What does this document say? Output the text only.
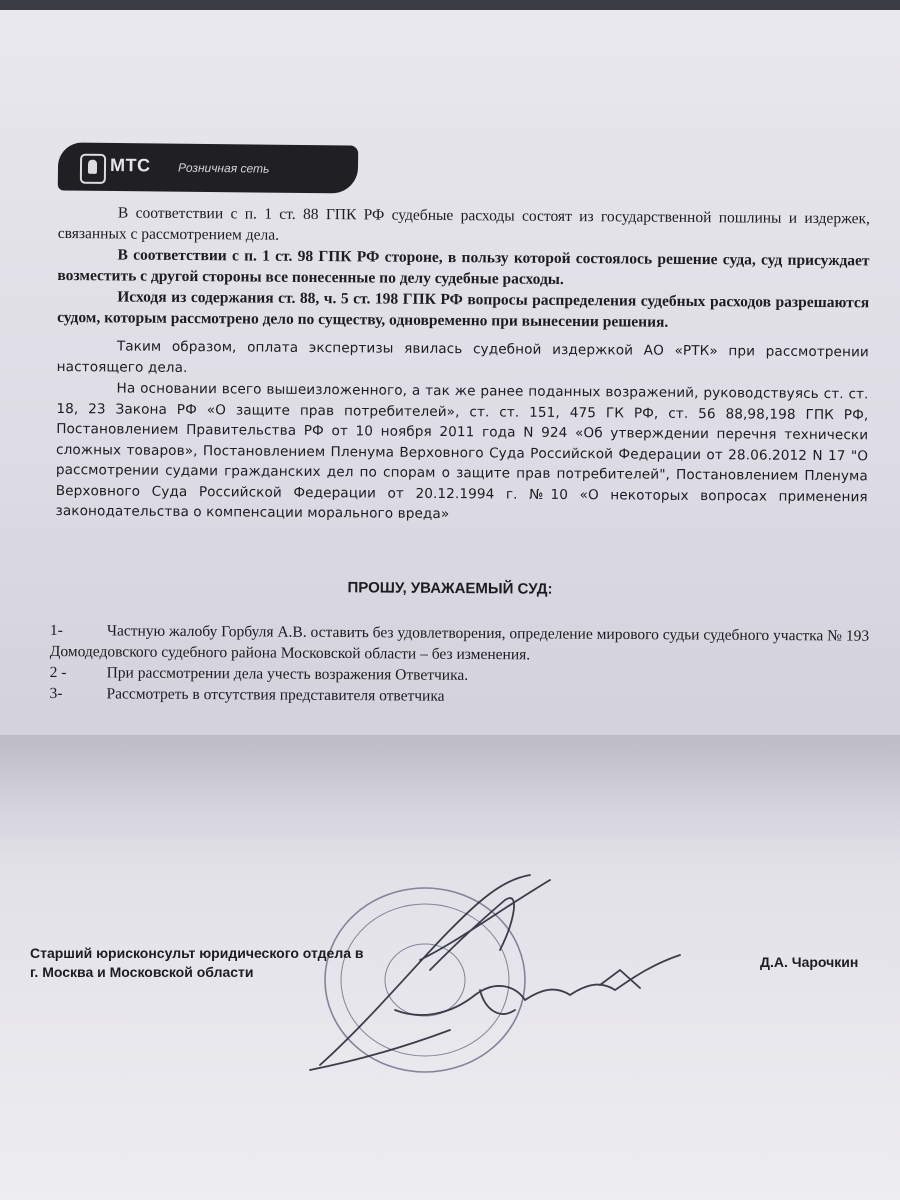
МТС Розничная сеть

В соответствии с п. 1 ст. 88 ГПК РФ судебные расходы состоят из государственной пошлины и издержек, связанных с рассмотрением дела.

В соответствии с п. 1 ст. 98 ГПК РФ стороне, в пользу которой состоялось решение суда, суд присуждает возместить с другой стороны все понесенные по делу судебные расходы.

Исходя из содержания ст. 88, ч. 5 ст. 198 ГПК РФ вопросы распределения судебных расходов разрешаются судом, которым рассмотрено дело по существу, одновременно при вынесении решения.

Таким образом, оплата экспертизы явилась судебной издержкой АО «РТК» при рассмотрении настоящего дела.

На основании всего вышеизложенного, а так же ранее поданных возражений, руководствуясь ст. ст. 18, 23 Закона РФ «О защите прав потребителей», ст. ст. 151, 475 ГК РФ, ст. 56 88,98,198 ГПК РФ, Постановлением Правительства РФ от 10 ноября 2011 года N 924 «Об утверждении перечня технически сложных товаров», Постановлением Пленума Верховного Суда Российской Федерации от 28.06.2012 N 17 "О рассмотрении судами гражданских дел по спорам о защите прав потребителей", Постановлением Пленума Верховного Суда Российской Федерации от 20.12.1994 г. №10 «О некоторых вопросах применения законодательства о компенсации морального вреда»

ПРОШУ, УВАЖАЕМЫЙ СУД:

1-	Частную жалобу Горбуля А.В. оставить без удовлетворения, определение мирового судьи судебного участка № 193 Домодедовского судебного района Московской области – без изменения.

2 -	При рассмотрении дела учесть возражения Ответчика.

3-	Рассмотреть в отсутствия представителя ответчика

Старший юрисконсульт юридического отдела в
г. Москва и Московской области
Д.А. Чарочкин
